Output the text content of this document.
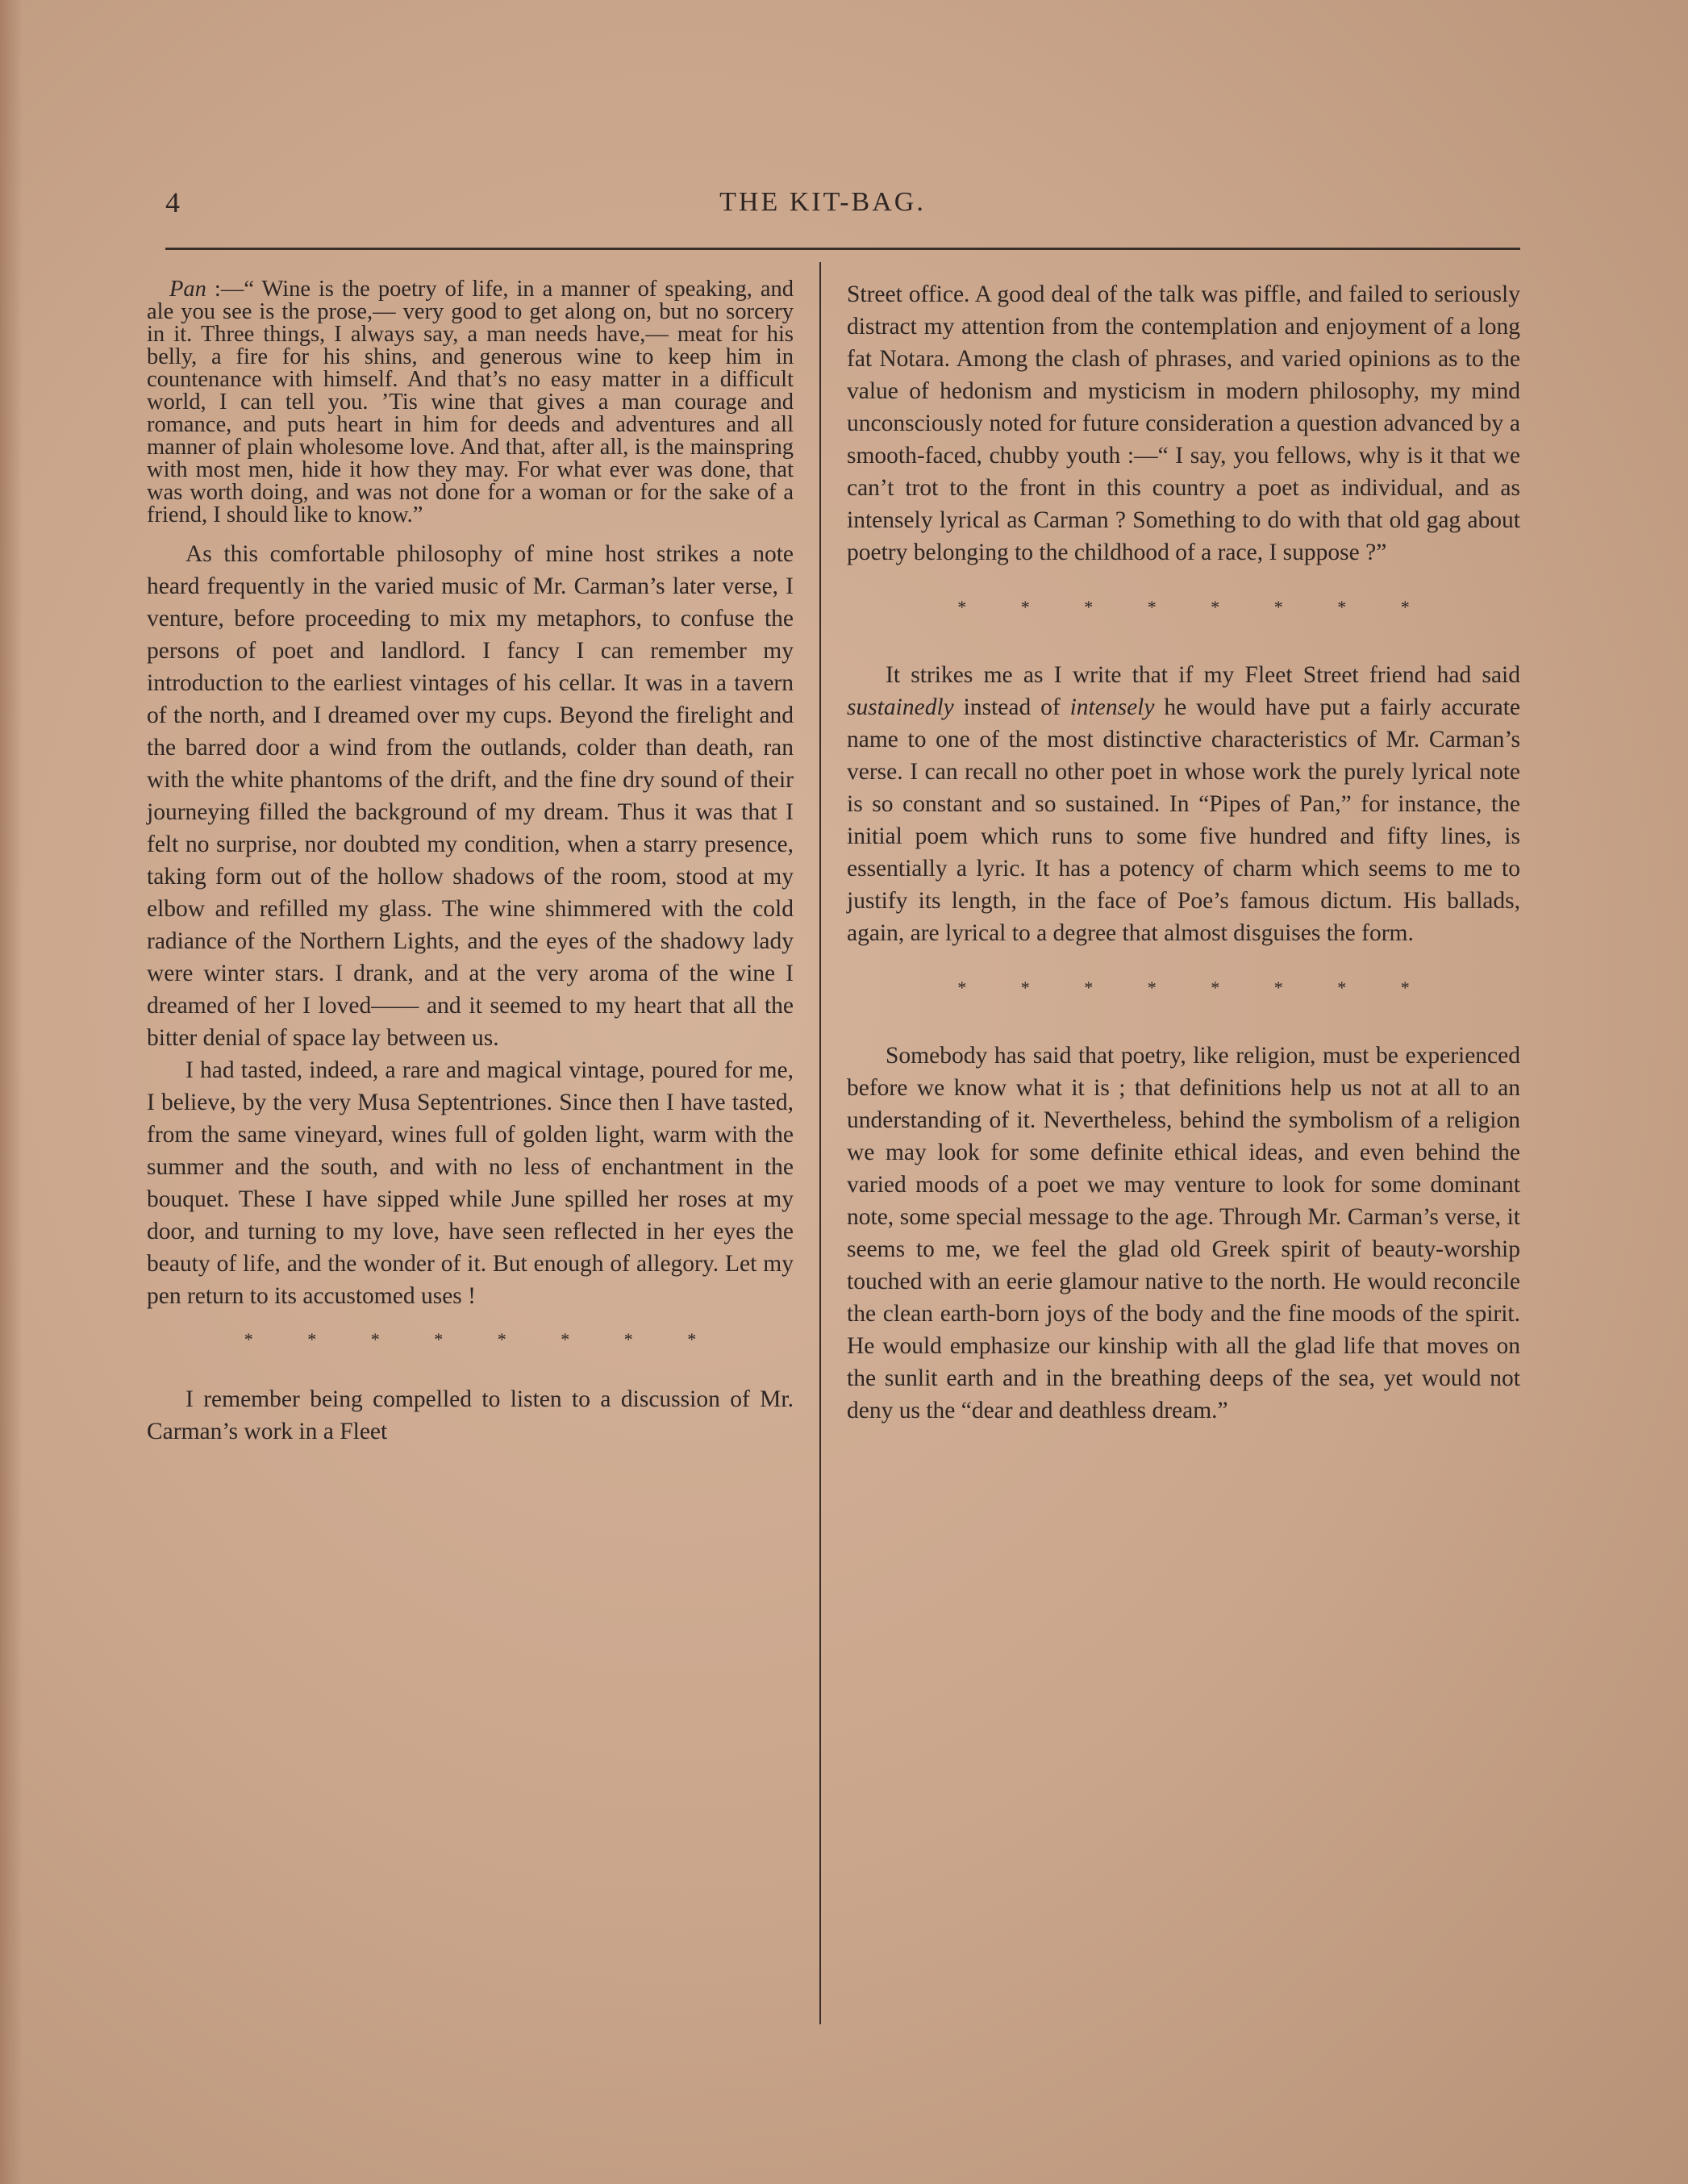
4	THE KIT-BAG.

Pan :—“ Wine is the poetry of life, in a manner of speaking, and ale you see is the prose,— very good to get along on, but no sorcery in it. Three things, I always say, a man needs have,— meat for his belly, a fire for his shins, and generous wine to keep him in countenance with himself. And that’s no easy matter in a difficult world, I can tell you. ’Tis wine that gives a man courage and romance, and puts heart in him for deeds and adventures and all manner of plain wholesome love. And that, after all, is the mainspring with most men, hide it how they may. For what ever was done, that was worth doing, and was not done for a woman or for the sake of a friend, I should like to know.”

As this comfortable philosophy of mine host strikes a note heard frequently in the varied music of Mr. Carman’s later verse, I venture, before proceeding to mix my metaphors, to confuse the persons of poet and landlord. I fancy I can remember my introduction to the earliest vintages of his cellar. It was in a tavern of the north, and I dreamed over my cups. Beyond the firelight and the barred door a wind from the outlands, colder than death, ran with the white phantoms of the drift, and the fine dry sound of their journeying filled the background of my dream. Thus it was that I felt no surprise, nor doubted my condition, when a starry presence, taking form out of the hollow shadows of the room, stood at my elbow and refilled my glass. The wine shimmered with the cold radiance of the Northern Lights, and the eyes of the shadowy lady were winter stars. I drank, and at the very aroma of the wine I dreamed of her I loved—— and it seemed to my heart that all the bitter denial of space lay between us.

I had tasted, indeed, a rare and magical vintage, poured for me, I believe, by the very Musa Septentriones. Since then I have tasted, from the same vineyard, wines full of golden light, warm with the summer and the south, and with no less of enchantment in the bouquet. These I have sipped while June spilled her roses at my door, and turning to my love, have seen reflected in her eyes the beauty of life, and the wonder of it. But enough of allegory. Let my pen return to its accustomed uses !

* * * * * * * *

I remember being compelled to listen to a discussion of Mr. Carman’s work in a Fleet

Street office. A good deal of the talk was piffle, and failed to seriously distract my attention from the contemplation and enjoyment of a long fat Notara. Among the clash of phrases, and varied opinions as to the value of hedonism and mysticism in modern philosophy, my mind unconsciously noted for future consideration a question advanced by a smooth-faced, chubby youth :—“ I say, you fellows, why is it that we can’t trot to the front in this country a poet as individual, and as intensely lyrical as Carman ? Something to do with that old gag about poetry belonging to the childhood of a race, I suppose ?”

* * * * * * * *

It strikes me as I write that if my Fleet Street friend had said sustainedly instead of intensely he would have put a fairly accurate name to one of the most distinctive characteristics of Mr. Carman’s verse. I can recall no other poet in whose work the purely lyrical note is so constant and so sustained. In “Pipes of Pan,” for instance, the initial poem which runs to some five hundred and fifty lines, is essentially a lyric. It has a potency of charm which seems to me to justify its length, in the face of Poe’s famous dictum. His ballads, again, are lyrical to a degree that almost disguises the form.

* * * * * * * *

Somebody has said that poetry, like religion, must be experienced before we know what it is ; that definitions help us not at all to an understanding of it. Nevertheless, behind the symbolism of a religion we may look for some definite ethical ideas, and even behind the varied moods of a poet we may venture to look for some dominant note, some special message to the age. Through Mr. Carman’s verse, it seems to me, we feel the glad old Greek spirit of beauty-worship touched with an eerie glamour native to the north. He would reconcile the clean earth-born joys of the body and the fine moods of the spirit. He would emphasize our kinship with all the glad life that moves on the sunlit earth and in the breathing deeps of the sea, yet would not deny us the “dear and deathless dream.”
